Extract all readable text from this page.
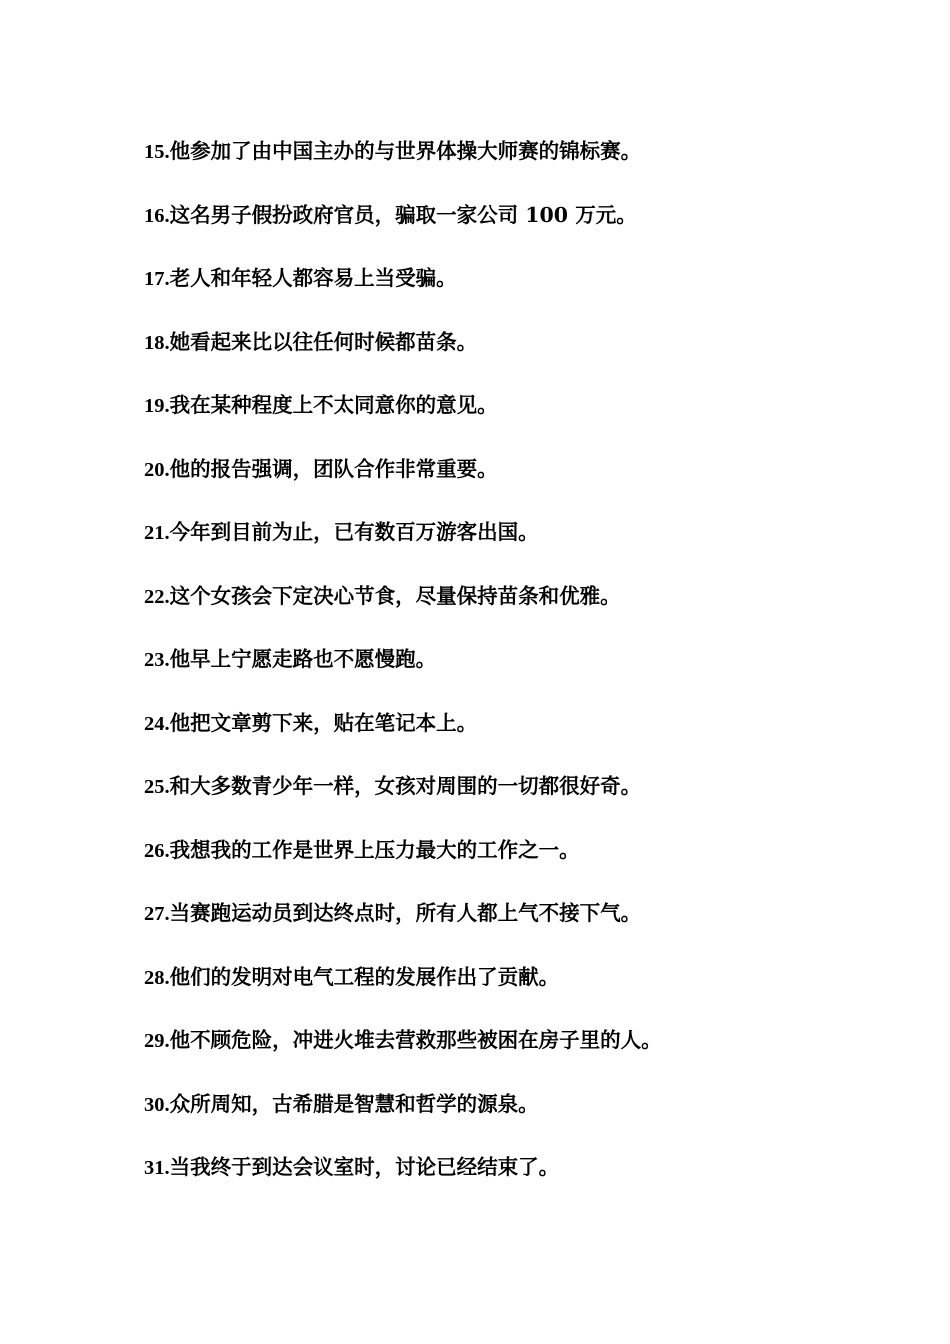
15.他参加了由中国主办的与世界体操大师赛的锦标赛。
16.这名男子假扮政府官员，骗取一家公司 100 万元。
17.老人和年轻人都容易上当受骗。
18.她看起来比以往任何时候都苗条。
19.我在某种程度上不太同意你的意见。
20.他的报告强调，团队合作非常重要。
21.今年到目前为止，已有数百万游客出国。
22.这个女孩会下定决心节食，尽量保持苗条和优雅。
23.他早上宁愿走路也不愿慢跑。
24.他把文章剪下来，贴在笔记本上。
25.和大多数青少年一样，女孩对周围的一切都很好奇。
26.我想我的工作是世界上压力最大的工作之一。
27.当赛跑运动员到达终点时，所有人都上气不接下气。
28.他们的发明对电气工程的发展作出了贡献。
29.他不顾危险，冲进火堆去营救那些被困在房子里的人。
30.众所周知，古希腊是智慧和哲学的源泉。
31.当我终于到达会议室时，讨论已经结束了。
